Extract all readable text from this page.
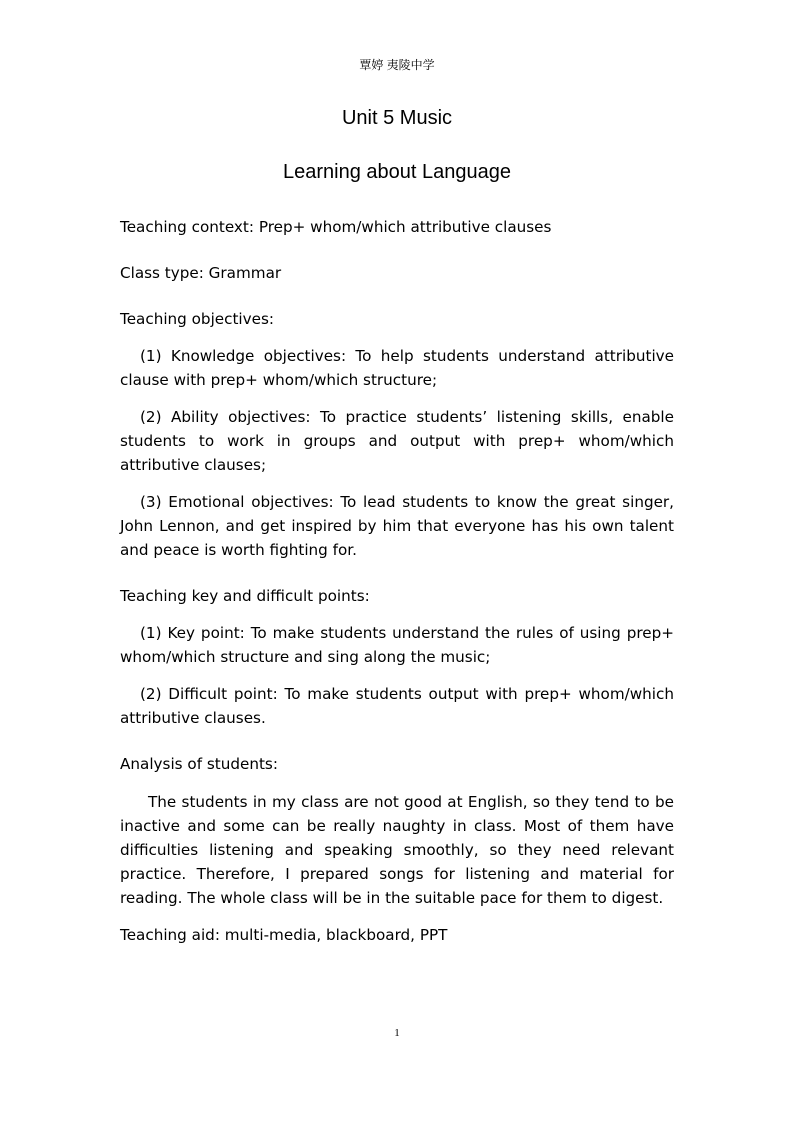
覃婷 夷陵中学
Unit 5 Music
Learning about Language

Teaching context: Prep+ whom/which attributive clauses

Class type: Grammar

Teaching objectives:

(1) Knowledge objectives: To help students understand attributive

clause with prep+ whom/which structure;

(2) Ability objectives: To practice students’ listening skills, enable

students to work in groups and output with prep+ whom/which

attributive clauses;

(3) Emotional objectives: To lead students to know the great singer,

John Lennon, and get inspired by him that everyone has his own talent

and peace is worth fighting for.

Teaching key and difficult points:

(1) Key point: To make students understand the rules of using prep+

whom/which structure and sing along the music;

(2) Difficult point: To make students output with prep+ whom/which

attributive clauses.

Analysis of students:

The students in my class are not good at English, so they tend to be

inactive and some can be really naughty in class. Most of them have

difficulties listening and speaking smoothly, so they need relevant

practice. Therefore, I prepared songs for listening and material for

reading. The whole class will be in the suitable pace for them to digest.

Teaching aid: multi-media, blackboard, PPT

1
